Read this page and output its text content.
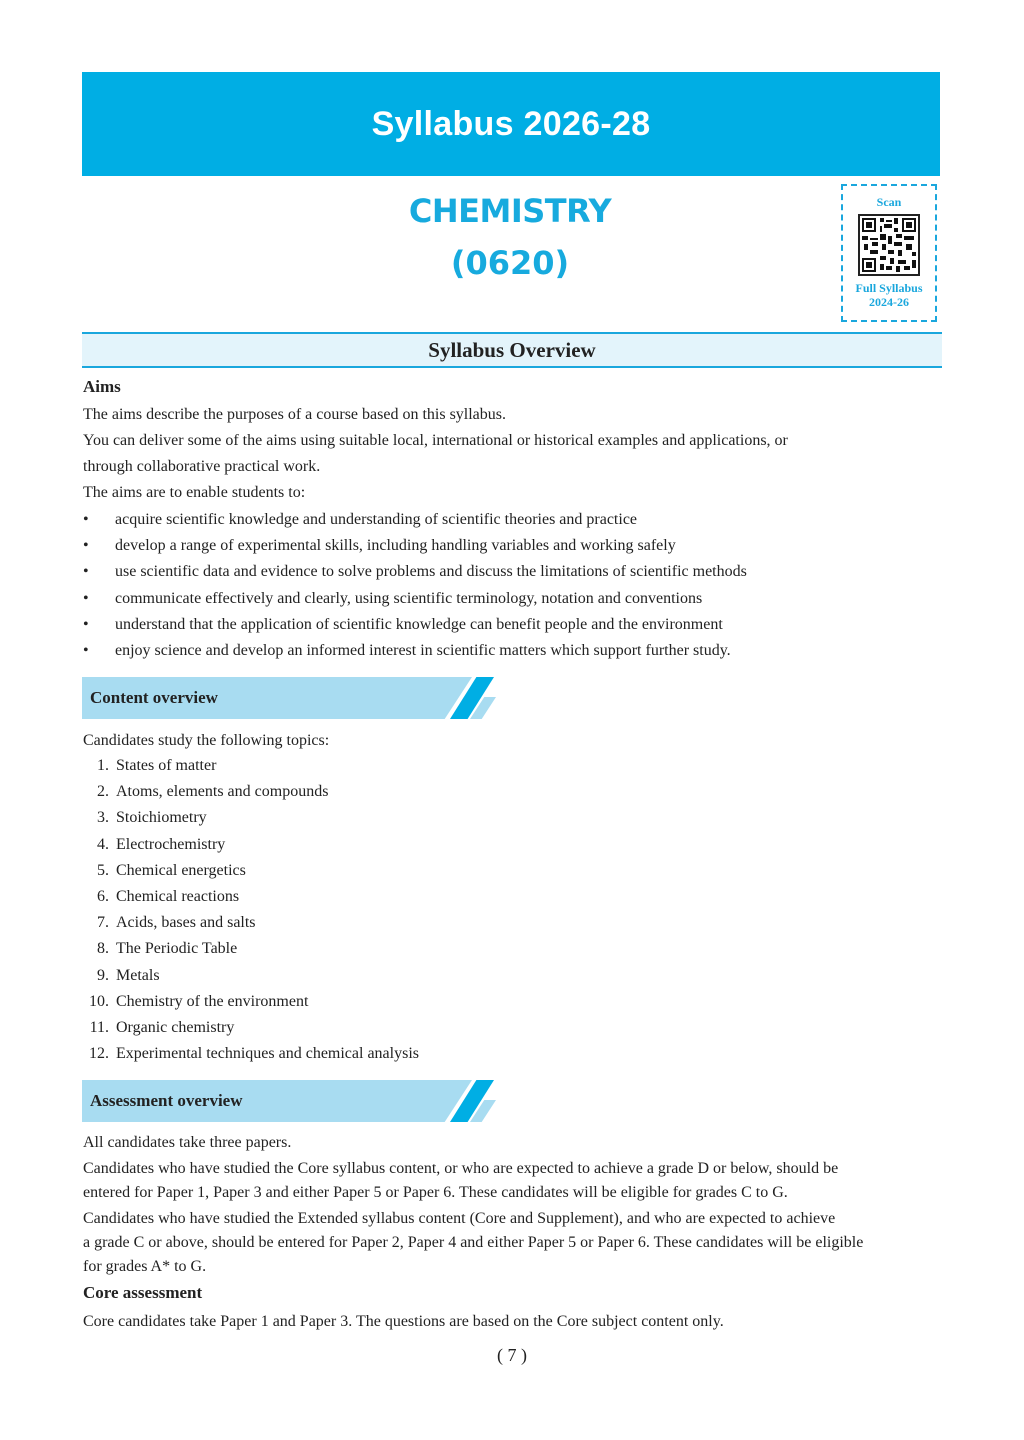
Syllabus 2026-28
CHEMISTRY
(0620)
Scan
Full Syllabus
2024-26
Syllabus Overview
Aims
The aims describe the purposes of a course based on this syllabus.
You can deliver some of the aims using suitable local, international or historical examples and applications, or
through collaborative practical work.
The aims are to enable students to:
•	acquire scientific knowledge and understanding of scientific theories and practice
•	develop a range of experimental skills, including handling variables and working safely
•	use scientific data and evidence to solve problems and discuss the limitations of scientific methods
•	communicate effectively and clearly, using scientific terminology, notation and conventions
•	understand that the application of scientific knowledge can benefit people and the environment
•	enjoy science and develop an informed interest in scientific matters which support further study.
Content overview
Candidates study the following topics:
1. States of matter
2. Atoms, elements and compounds
3. Stoichiometry
4. Electrochemistry
5. Chemical energetics
6. Chemical reactions
7. Acids, bases and salts
8. The Periodic Table
9. Metals
10. Chemistry of the environment
11. Organic chemistry
12. Experimental techniques and chemical analysis
Assessment overview
All candidates take three papers.
Candidates who have studied the Core syllabus content, or who are expected to achieve a grade D or below, should be
entered for Paper 1, Paper 3 and either Paper 5 or Paper 6. These candidates will be eligible for grades C to G.
Candidates who have studied the Extended syllabus content (Core and Supplement), and who are expected to achieve
a grade C or above, should be entered for Paper 2, Paper 4 and either Paper 5 or Paper 6. These candidates will be eligible
for grades A* to G.
Core assessment
Core candidates take Paper 1 and Paper 3. The questions are based on the Core subject content only.
( 7 )
